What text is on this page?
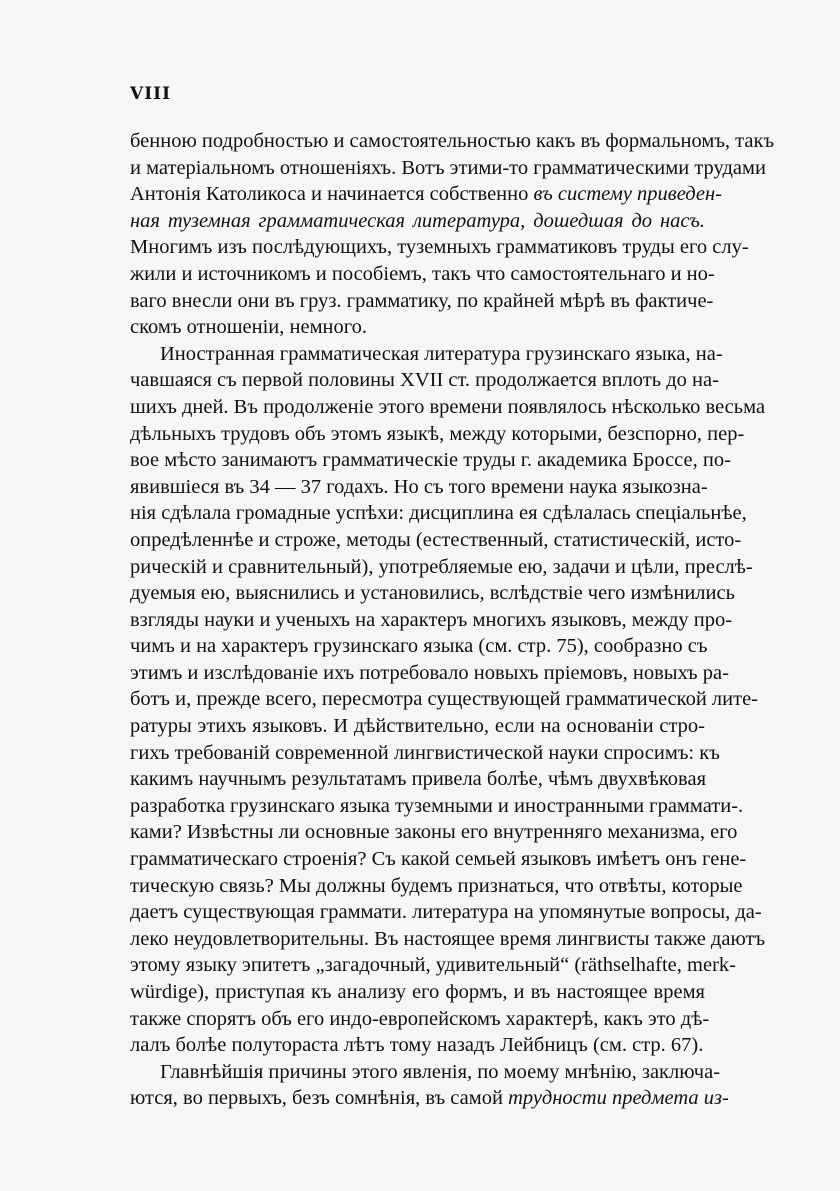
VIII
бенною подробностью и самостоятельностью какъ въ формальномъ, такъ
и матеріальномъ отношеніяхъ. Вотъ этими-то грамматическими трудами
Антонія Католикоса и начинается собственно въ систему приведен-
ная туземная грамматическая литература, дошедшая до насъ.
Многимъ изъ послѣдующихъ, туземныхъ грамматиковъ труды его слу-
жили и источникомъ и пособіемъ, такъ что самостоятельнаго и но-
ваго внесли они въ груз. грамматику, по крайней мѣрѣ въ фактиче-
скомъ отношеніи, немного.
Иностранная грамматическая литература грузинскаго языка, на-
чавшаяся съ первой половины XVII ст. продолжается вплоть до на-
шихъ дней. Въ продолженіе этого времени появлялось нѣсколько весьма
дѣльныхъ трудовъ объ этомъ языкѣ, между которыми, безспорно, пер-
вое мѣсто занимаютъ грамматическіе труды г. академика Броссе, по-
явившіеся въ 34 — 37 годахъ. Но съ того времени наука языкозна-
нія сдѣлала громадные успѣхи: дисциплина ея сдѣлалась спеціальнѣе,
опредѣленнѣе и строже, методы (естественный, статистическій, исто-
рическій и сравнительный), употребляемые ею, задачи и цѣли, преслѣ-
дуемыя ею, выяснились и установились, вслѣдствіе чего измѣнились
взгляды науки и ученыхъ на характеръ многихъ языковъ, между про-
чимъ и на характеръ грузинскаго языка (см. стр. 75), сообразно съ
этимъ и изслѣдованіе ихъ потребовало новыхъ пріемовъ, новыхъ ра-
ботъ и, прежде всего, пересмотра существующей грамматической лите-
ратуры этихъ языковъ. И дѣйствительно, если на основаніи стро-
гихъ требованій современной лингвистической науки спросимъ: къ
какимъ научнымъ результатамъ привела болѣе, чѣмъ двухвѣковая
разработка грузинскаго языка туземными и иностранными граммати-.
ками? Извѣстны ли основные законы его внутренняго механизма, его
грамматическаго строенія? Съ какой семьей языковъ имѣетъ онъ гене-
тическую связь? Мы должны будемъ признаться, что отвѣты, которые
даетъ существующая граммати. литература на упомянутые вопросы, да-
леко неудовлетворительны. Въ настоящее время лингвисты также даютъ
этому языку эпитетъ „загадочный, удивительный“ (räthselhafte, merk-
würdige), приступая къ анализу его формъ, и въ настоящее время
также спорятъ объ его индо-европейскомъ характерѣ, какъ это дѣ-
лалъ болѣе полутораста лѣтъ тому назадъ Лейбницъ (см. стр. 67).
Главнѣйшія причины этого явленія, по моему мнѣнію, заключа-
ются, во первыхъ, безъ сомнѣнія, въ самой трудности предмета из-
